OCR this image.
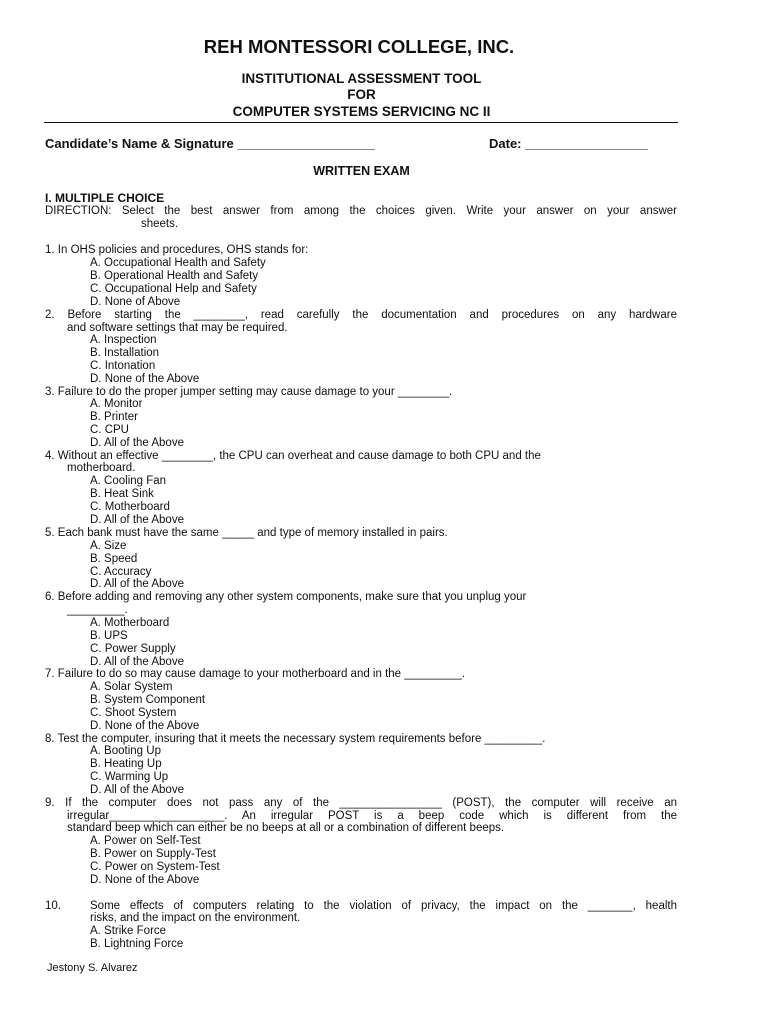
REH MONTESSORI COLLEGE, INC.
INSTITUTIONAL ASSESSMENT TOOL
FOR
COMPUTER SYSTEMS SERVICING NC II
Candidate’s Name & Signature ___________________	Date: _________________
WRITTEN EXAM
I. MULTIPLE CHOICE
DIRECTION: Select the best answer from among the choices given. Write your answer on your answer
sheets.
1. In OHS policies and procedures, OHS stands for:
A. Occupational Health and Safety
B. Operational Health and Safety
C. Occupational Help and Safety
D. None of Above
2. Before starting the ________, read carefully the documentation and procedures on any hardware
and software settings that may be required.
A. Inspection
B. Installation
C. Intonation
D. None of the Above
3. Failure to do the proper jumper setting may cause damage to your ________.
A. Monitor
B. Printer
C. CPU
D. All of the Above
4. Without an effective ________, the CPU can overheat and cause damage to both CPU and the
motherboard.
A. Cooling Fan
B. Heat Sink
C. Motherboard
D. All of the Above
5. Each bank must have the same _____ and type of memory installed in pairs.
A. Size
B. Speed
C. Accuracy
D. All of the Above
6. Before adding and removing any other system components, make sure that you unplug your
_________.
A. Motherboard
B. UPS
C. Power Supply
D. All of the Above
7. Failure to do so may cause damage to your motherboard and in the _________.
A. Solar System
B. System Component
C. Shoot System
D. None of the Above
8. Test the computer, insuring that it meets the necessary system requirements before _________.
A. Booting Up
B. Heating Up
C. Warming Up
D. All of the Above
9. If the computer does not pass any of the ________________ (POST), the computer will receive an
irregular__________________. An irregular POST is a beep code which is different from the
standard beep which can either be no beeps at all or a combination of different beeps.
A. Power on Self-Test
B. Power on Supply-Test
C. Power on System-Test
D. None of the Above
10.	Some effects of computers relating to the violation of privacy, the impact on the _______, health
risks, and the impact on the environment.
A. Strike Force
B. Lightning Force
Jestony S. Alvarez
